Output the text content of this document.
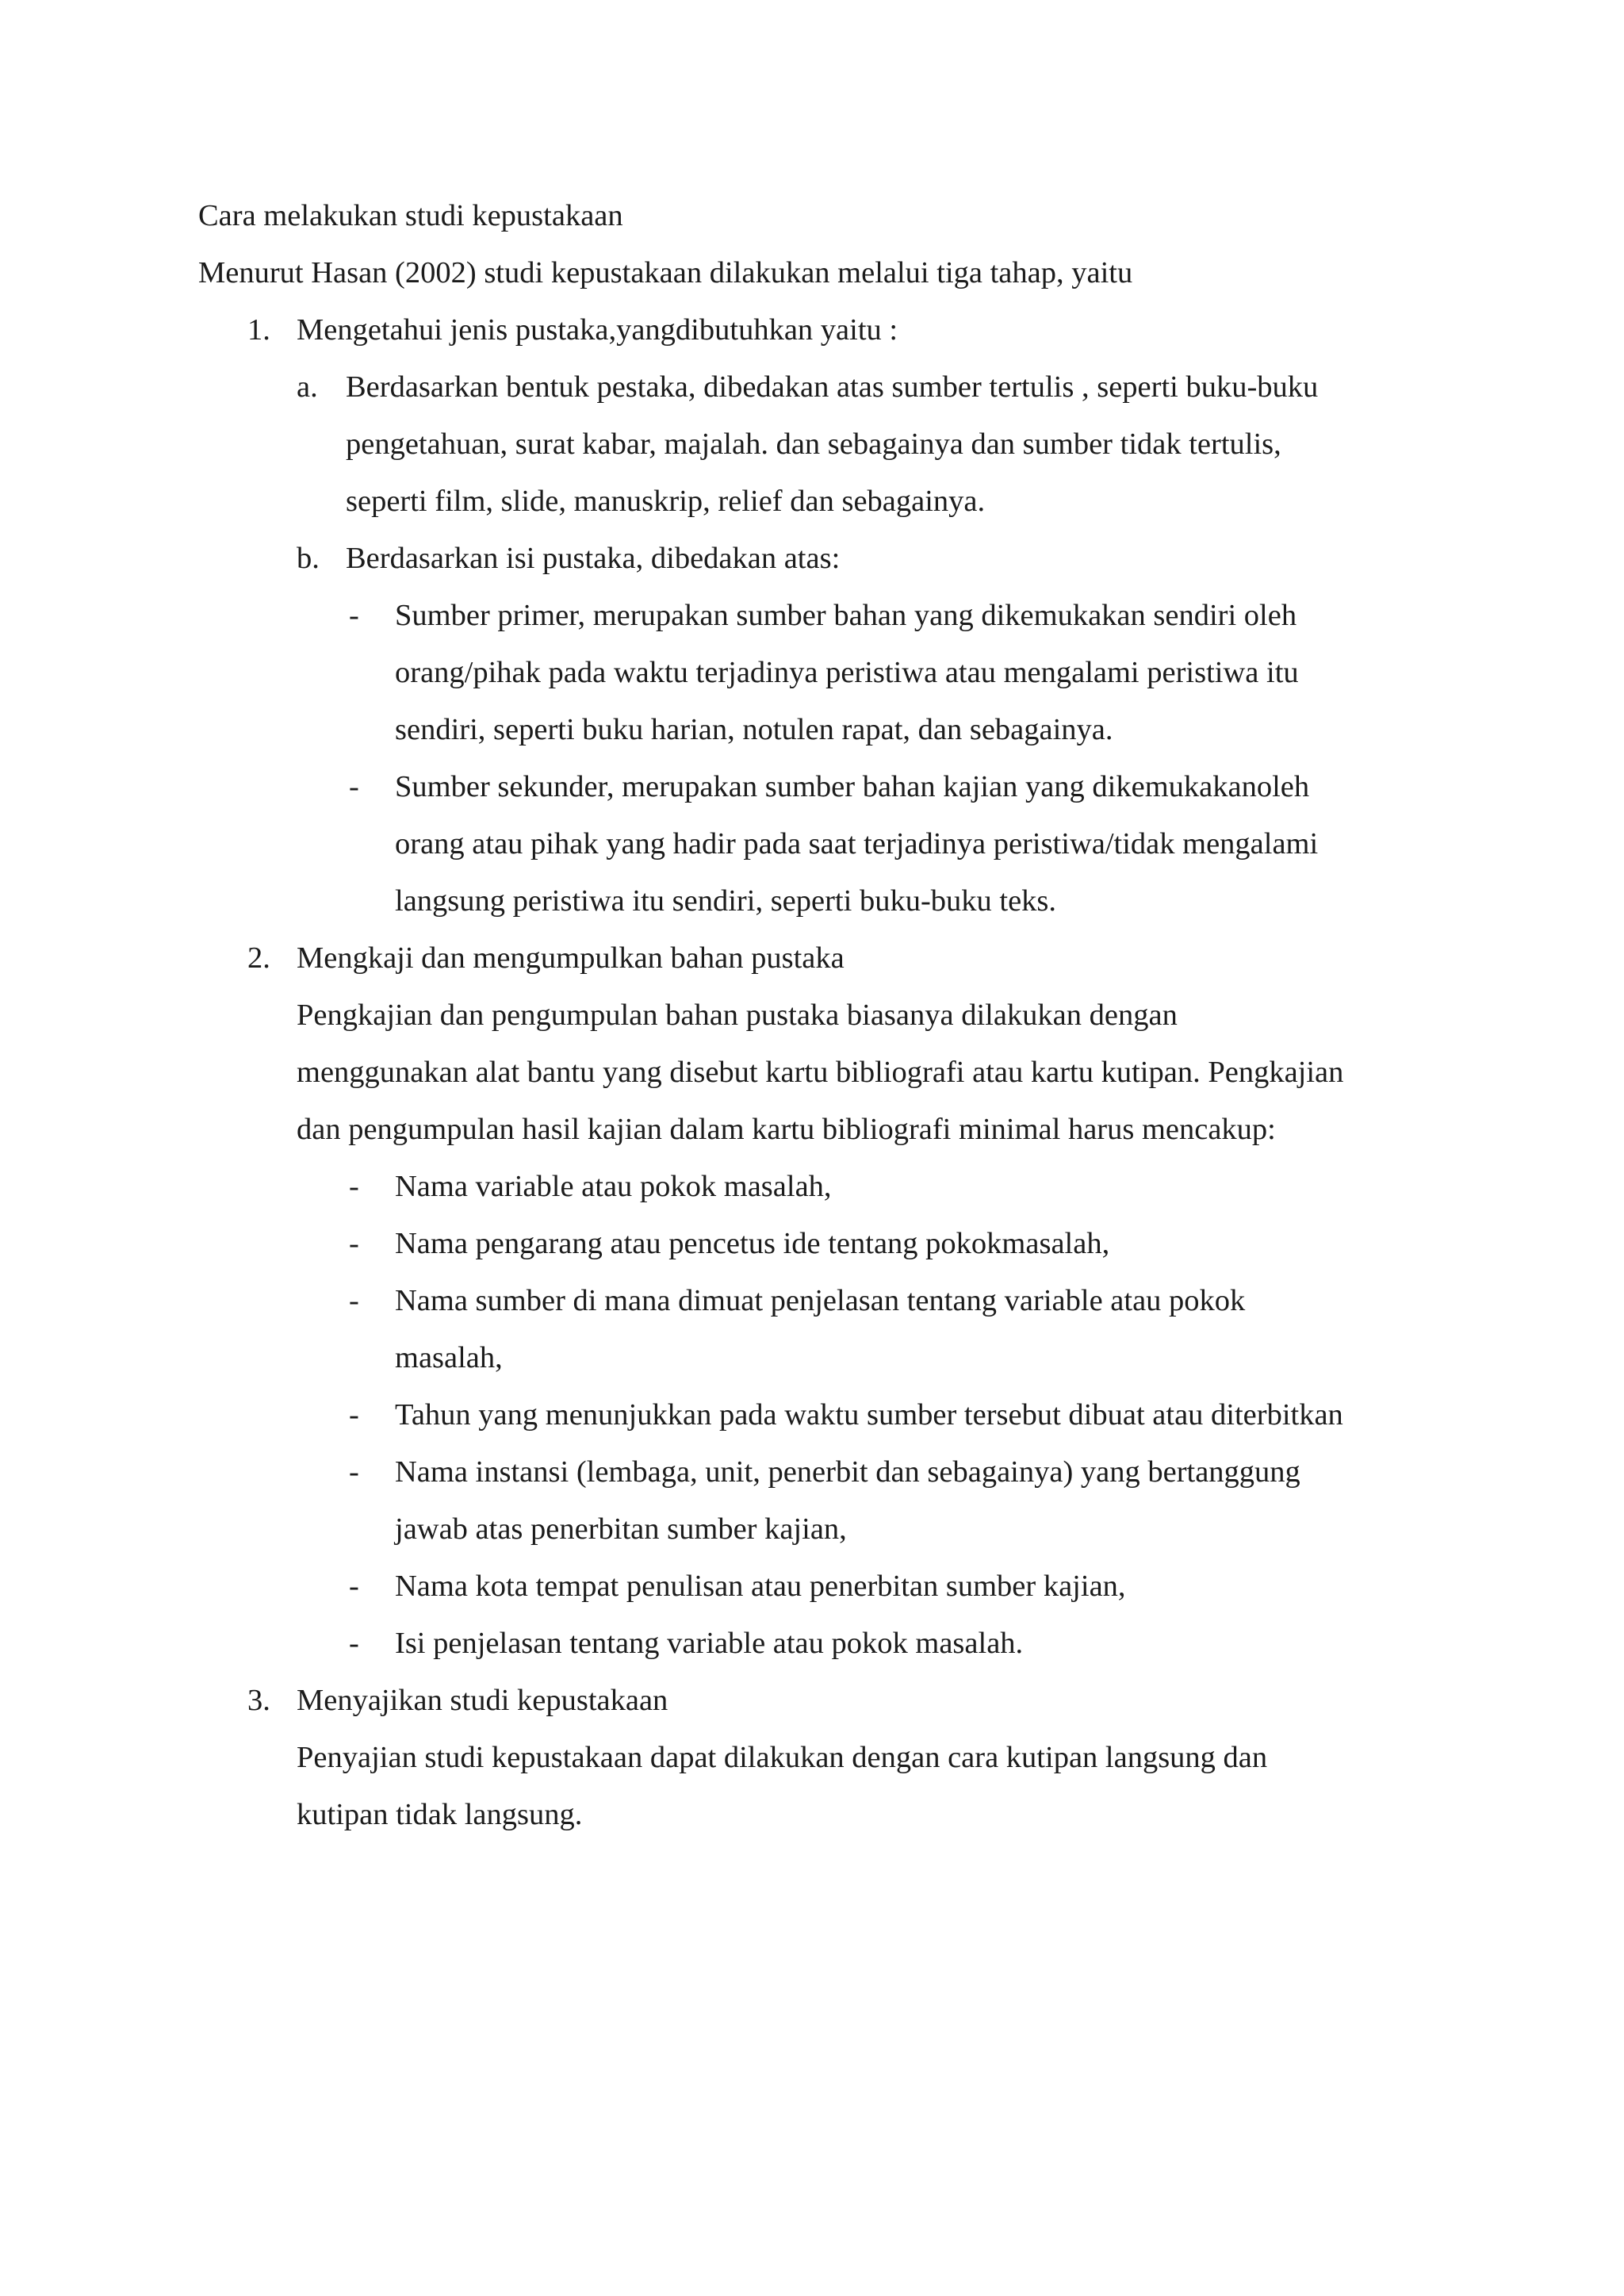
Cara melakukan studi kepustakaan

Menurut Hasan (2002) studi kepustakaan dilakukan melalui tiga tahap, yaitu

1. Mengetahui jenis pustaka,yangdibutuhkan yaitu :
a. Berdasarkan bentuk pestaka, dibedakan atas sumber tertulis , seperti buku-buku
pengetahuan, surat kabar, majalah. dan sebagainya dan sumber tidak tertulis,
seperti film, slide, manuskrip, relief dan sebagainya.
b. Berdasarkan isi pustaka, dibedakan atas:
- Sumber primer, merupakan sumber bahan yang dikemukakan sendiri oleh
orang/pihak pada waktu terjadinya peristiwa atau mengalami peristiwa itu
sendiri, seperti buku harian, notulen rapat, dan sebagainya.
- Sumber sekunder, merupakan sumber bahan kajian yang dikemukakanoleh
orang atau pihak yang hadir pada saat terjadinya peristiwa/tidak mengalami
langsung peristiwa itu sendiri, seperti buku-buku teks.
2. Mengkaji dan mengumpulkan bahan pustaka
Pengkajian dan pengumpulan bahan pustaka biasanya dilakukan dengan
menggunakan alat bantu yang disebut kartu bibliografi atau kartu kutipan. Pengkajian
dan pengumpulan hasil kajian dalam kartu bibliografi minimal harus mencakup:
- Nama variable atau pokok masalah,
- Nama pengarang atau pencetus ide tentang pokokmasalah,
- Nama sumber di mana dimuat penjelasan tentang variable atau pokok
masalah,
- Tahun yang menunjukkan pada waktu sumber tersebut dibuat atau diterbitkan
- Nama instansi (lembaga, unit, penerbit dan sebagainya) yang bertanggung
jawab atas penerbitan sumber kajian,
- Nama kota tempat penulisan atau penerbitan sumber kajian,
- Isi penjelasan tentang variable atau pokok masalah.
3. Menyajikan studi kepustakaan
Penyajian studi kepustakaan dapat dilakukan dengan cara kutipan langsung dan
kutipan tidak langsung.
